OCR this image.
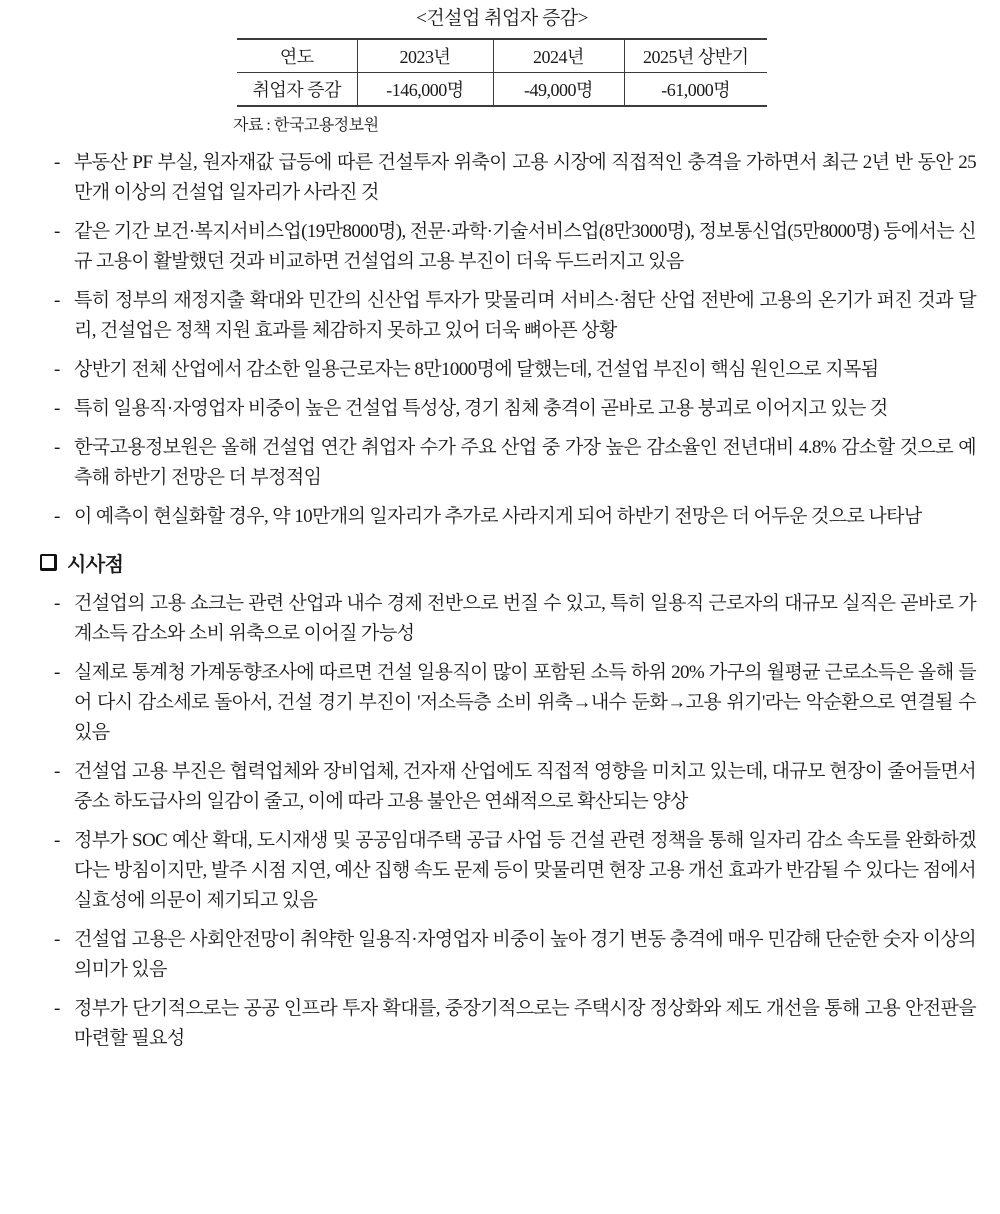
<건설업 취업자 증감>
연도	2023년	2024년	2025년 상반기
취업자 증감	-146,000명	-49,000명	-61,000명
자료 : 한국고용정보원
- 부동산 PF 부실, 원자재값 급등에 따른 건설투자 위축이 고용 시장에 직접적인 충격을 가하면서 최근 2년 반 동안 25만개 이상의 건설업 일자리가 사라진 것

- 같은 기간 보건·복지서비스업(19만8000명), 전문·과학·기술서비스업(8만3000명), 정보통신업(5만8000명) 등에서는 신규 고용이 활발했던 것과 비교하면 건설업의 고용 부진이 더욱 두드러지고 있음

- 특히 정부의 재정지출 확대와 민간의 신산업 투자가 맞물리며 서비스·첨단 산업 전반에 고용의 온기가 퍼진 것과 달리, 건설업은 정책 지원 효과를 체감하지 못하고 있어 더욱 뼈아픈 상황

- 상반기 전체 산업에서 감소한 일용근로자는 8만1000명에 달했는데, 건설업 부진이 핵심 원인으로 지목됨

- 특히 일용직·자영업자 비중이 높은 건설업 특성상, 경기 침체 충격이 곧바로 고용 붕괴로 이어지고 있는 것

- 한국고용정보원은 올해 건설업 연간 취업자 수가 주요 산업 중 가장 높은 감소율인 전년대비 4.8% 감소할 것으로 예측해 하반기 전망은 더 부정적임

- 이 예측이 현실화할 경우, 약 10만개의 일자리가 추가로 사라지게 되어 하반기 전망은 더 어두운 것으로 나타남

시사점
- 건설업의 고용 쇼크는 관련 산업과 내수 경제 전반으로 번질 수 있고, 특히 일용직 근로자의 대규모 실직은 곧바로 가계소득 감소와 소비 위축으로 이어질 가능성

- 실제로 통계청 가계동향조사에 따르면 건설 일용직이 많이 포함된 소득 하위 20% 가구의 월평균 근로소득은 올해 들어 다시 감소세로 돌아서, 건설 경기 부진이 '저소득층 소비 위축→내수 둔화→고용 위기'라는 악순환으로 연결될 수 있음

- 건설업 고용 부진은 협력업체와 장비업체, 건자재 산업에도 직접적 영향을 미치고 있는데, 대규모 현장이 줄어들면서 중소 하도급사의 일감이 줄고, 이에 따라 고용 불안은 연쇄적으로 확산되는 양상

- 정부가 SOC 예산 확대, 도시재생 및 공공임대주택 공급 사업 등 건설 관련 정책을 통해 일자리 감소 속도를 완화하겠다는 방침이지만, 발주 시점 지연, 예산 집행 속도 문제 등이 맞물리면 현장 고용 개선 효과가 반감될 수 있다는 점에서 실효성에 의문이 제기되고 있음

- 건설업 고용은 사회안전망이 취약한 일용직·자영업자 비중이 높아 경기 변동 충격에 매우 민감해 단순한 숫자 이상의 의미가 있음

- 정부가 단기적으로는 공공 인프라 투자 확대를, 중장기적으로는 주택시장 정상화와 제도 개선을 통해 고용 안전판을 마련할 필요성
